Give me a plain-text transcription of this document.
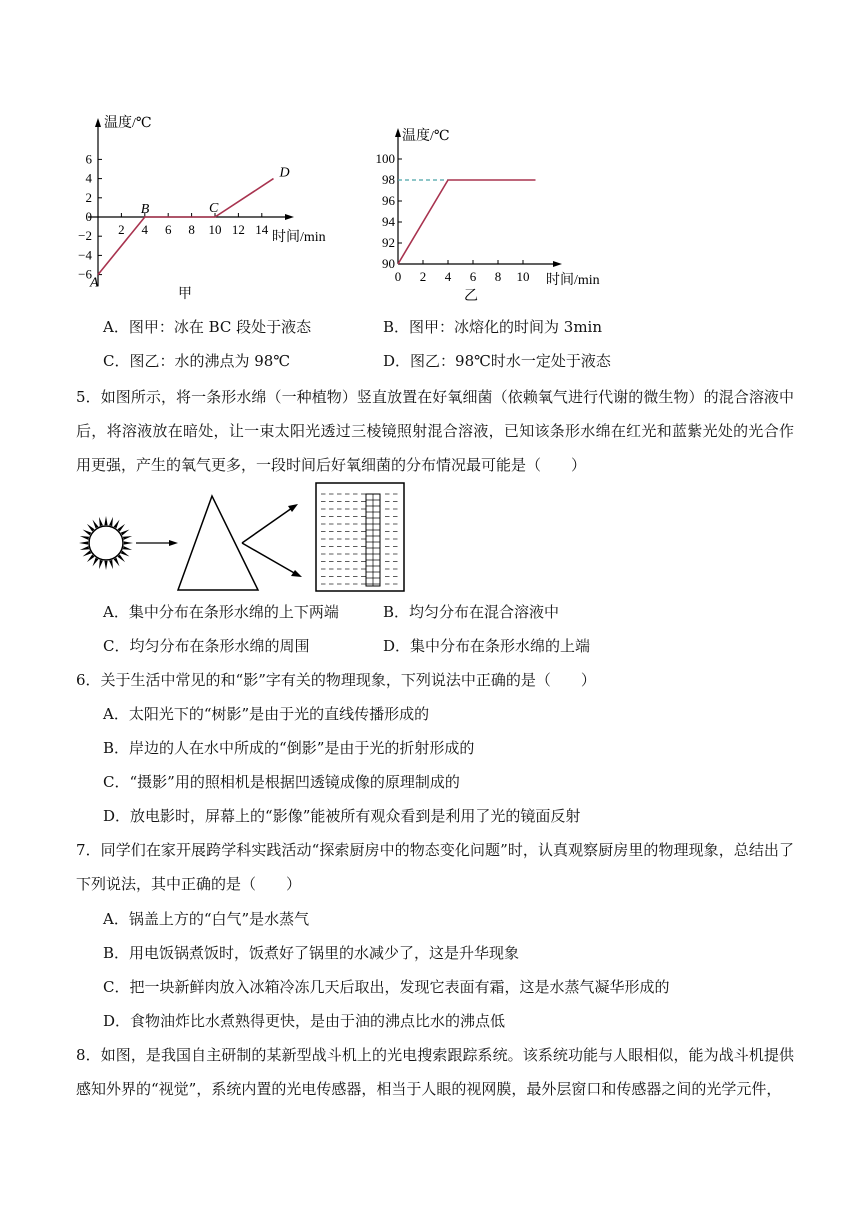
6
4
2
0
−2
−4
−6
2 4 6 8 10 12 14
A
B	C
D
温度/℃
时间/min
甲
100
98
96
94
92
90
0 2 4 6 8 10
温度/℃
时间/min
乙
A．图甲：冰在 BC 段处于液态	B．图甲：冰熔化的时间为 3min
C．图乙：水的沸点为 98℃	D．图乙：98℃时水一定处于液态
5．如图所示，将一条形水绵（一种植物）竖直放置在好氧细菌（依赖氧气进行代谢的微生物）的混合溶液中后，将溶液放在暗处，让一束太阳光透过三棱镜照射混合溶液，已知该条形水绵在红光和蓝紫光处的光合作用更强，产生的氧气更多，一段时间后好氧细菌的分布情况最可能是（　　）
A．集中分布在条形水绵的上下两端	B．均匀分布在混合溶液中
C．均匀分布在条形水绵的周围	D．集中分布在条形水绵的上端
6．关于生活中常见的和“影”字有关的物理现象，下列说法中正确的是（　　）
A．太阳光下的“树影”是由于光的直线传播形成的
B．岸边的人在水中所成的“倒影”是由于光的折射形成的
C．“摄影”用的照相机是根据凹透镜成像的原理制成的
D．放电影时，屏幕上的“影像”能被所有观众看到是利用了光的镜面反射
7．同学们在家开展跨学科实践活动“探索厨房中的物态变化问题”时，认真观察厨房里的物理现象，总结出了下列说法，其中正确的是（　　）
A．锅盖上方的“白气”是水蒸气
B．用电饭锅煮饭时，饭煮好了锅里的水减少了，这是升华现象
C．把一块新鲜肉放入冰箱冷冻几天后取出，发现它表面有霜，这是水蒸气凝华形成的
D．食物油炸比水煮熟得更快，是由于油的沸点比水的沸点低
8．如图，是我国自主研制的某新型战斗机上的光电搜索跟踪系统。该系统功能与人眼相似，能为战斗机提供感知外界的“视觉”，系统内置的光电传感器，相当于人眼的视网膜，最外层窗口和传感器之间的光学元件，
